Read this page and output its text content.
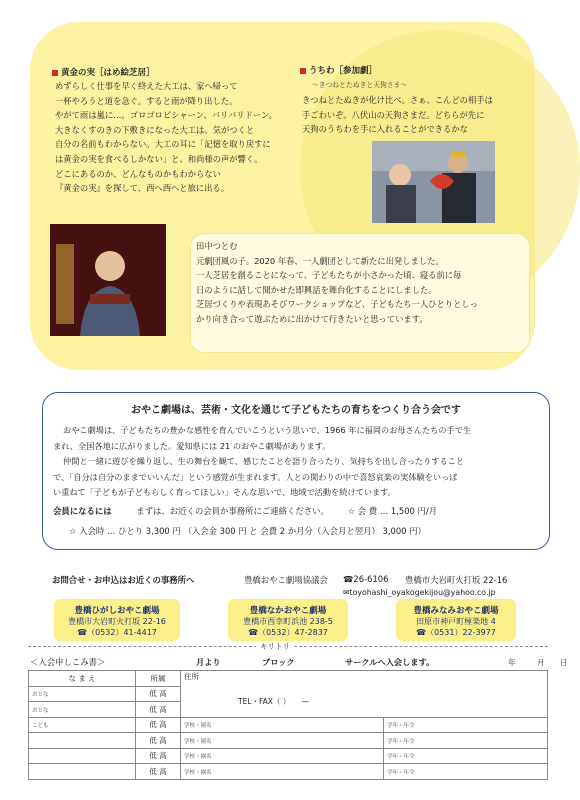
黄金の実［はめ絵芝居］
めずらしく仕事を早く終えた大工は、家へ帰って
一杯やろうと道を急ぐ。すると雨が降り出した。
やがて雨は嵐に…。ゴロゴロピシャーン、バリバリドーン。
大きなくすのきの下敷きになった大工は、気がつくと
自分の名前もわからない。大工の耳に「記憶を取り戻すに
は黄金の実を食べるしかない」と、和尚様の声が響く。
どこにあるのか、どんなものかもわからない
『黄金の実』を探して、西へ西へと旅に出る。
うちわ［参加劇］
〜きつねとたぬきと天狗さま〜
きつねとたぬきが化け比べ。さぁ、こんどの相手は
手ごわいぞ。八伏山の天狗さまだ。どちらが先に
天狗のうちわを手に入れることができるかな
田中つとむ
元劇団風の子。2020 年春、一人劇団として新たに出発しました。
一人芝居を創ることになって、子どもたちが小さかった頃、寝る前に毎
日のように話して聞かせた即興話を舞台化することにしました。
芝居づくりや表現あそびワークショップなど、子どもたち一人ひとりとしっ
かり向き合って遊ぶために出かけて行きたいと思っています。
おやこ劇場は、芸術・文化を通じて子どもたちの育ちをつくり合う会です
おやこ劇場は、子どもたちの豊かな感性を育んでいこうという思いで、1966 年に福岡のお母さんたちの手で生
まれ、全国各地に広がりました。愛知県には 21 のおやこ劇場があります。
仲間と一緒に遊びを繰り返し、生の舞台を観て、感じたことを語り合ったり、気持ちを出し合ったりすること
で、「自分は自分のままでいいんだ」という感覚が生まれます。人との関わりの中で喜怒哀楽の実体験をいっぱ
い重ねて「子どもが子どもらしく育ってほしい」そんな思いで、地域で活動を続けています。
会員になるには	まずは、お近くの会員か事務所にご連絡ください。 ☆ 会 費 … 1,500 円/月
☆ 入会時 … ひとり 3,300 円 （入会金 300 円 と 会費 2 か月分（入会月と翌月） 3,000 円）
お問合せ・お申込はお近くの事務所へ	豊橋おやこ劇場協議会 ☎26-6106 豊橋市大岩町火打坂 22-16
✉toyohashi_oyakogekijou@yahoo.co.jp
豊橋ひがしおやこ劇場
豊橋市大岩町火打坂 22-16
☎（0532）41-4417
豊橋なかおやこ劇場
豊橋市西幸町浜池 238-5
☎（0532）47-2837
豊橋みなみおやこ劇場
田原市神戸町極楽地 4
☎（0531）22-3977
キリトリ
＜入会申しこみ書＞	月より	ブロック	サークルへ入会します。	年	月 日
な ま え	所属	住所
TEL・FAX（ ）　　—	

おとな	低 高		
おとな	低 高		
こども	低 高	学校・園名	学年・年令
	低 高	学校・園名	学年・年令
	低 高	学校・園名	学年・年令
	低 高	学校・園名	学年・年令
